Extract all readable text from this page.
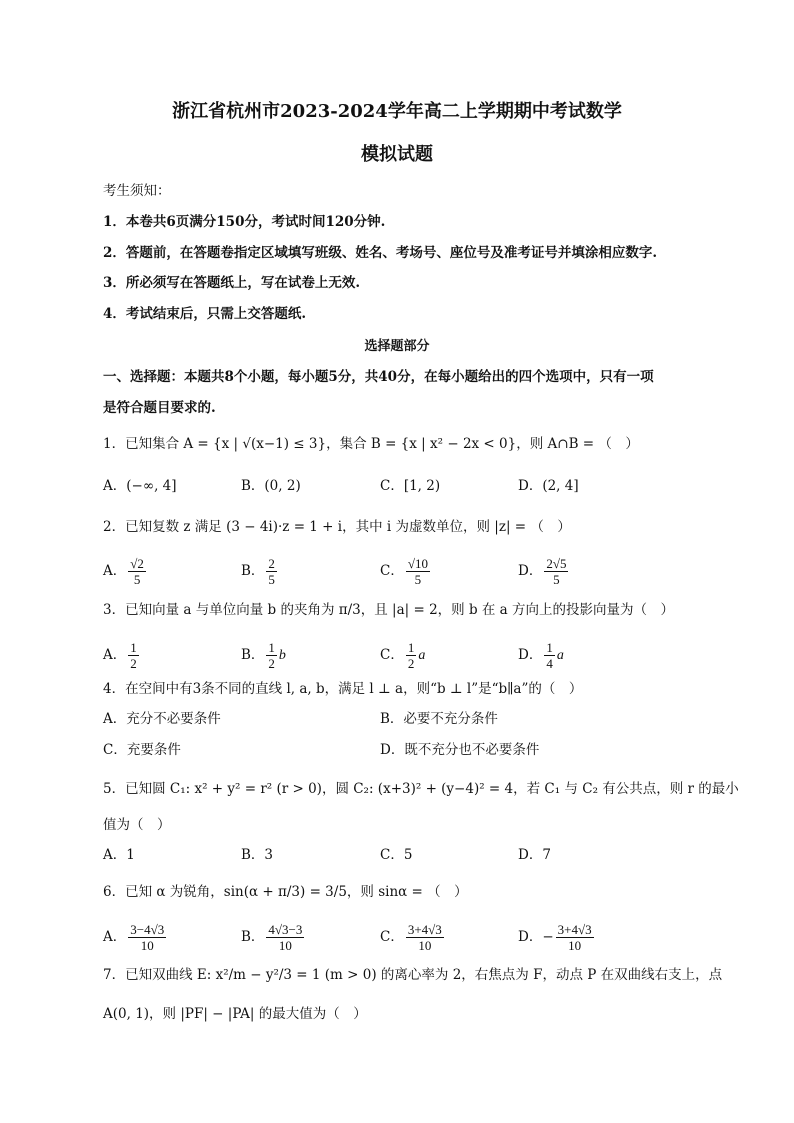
浙江省杭州市2023-2024学年高二上学期期中考试数学
模拟试题
考生须知：
1．本卷共6页满分150分，考试时间120分钟.
2．答题前，在答题卷指定区域填写班级、姓名、考场号、座位号及准考证号并填涂相应数字.
3．所必须写在答题纸上，写在试卷上无效.
4．考试结束后，只需上交答题纸.
选择题部分
一、选择题：本题共8个小题，每小题5分，共40分，在每小题给出的四个选项中，只有一项
是符合题目要求的.
1．已知集合 A = {x | √(x−1) ≤ 3}，集合 B = {x | x² − 2x < 0}，则 A∩B = （　）
A．(−∞, 4]	B．(0, 2)	C．[1, 2)	D．(2, 4]
2．已知复数 z 满足 (3 − 4i)·z = 1 + i，其中 i 为虚数单位，则 |z| = （　）
A． $\frac{√2}{5}$	B． $\frac{2}{5}$	C． $\frac{√10}{5}$	D． $\frac{2√5}{5}$
3．已知向量 a 与单位向量 b 的夹角为 π/3，且 |a| = 2，则 b 在 a 方向上的投影向量为（　）
A． $\frac{1}{2}$	B． $\frac{1}{2}$ b	C． $\frac{1}{2}$ a	D． $\frac{1}{4}$ a
4．在空间中有3条不同的直线 l, a, b，满足 l ⊥ a，则“b ⊥ l”是“b∥a”的（　）
A．充分不必要条件	B．必要不充分条件
C．充要条件	D．既不充分也不必要条件
5．已知圆 C₁: x² + y² = r² (r > 0)，圆 C₂: (x+3)² + (y−4)² = 4，若 C₁ 与 C₂ 有公共点，则 r 的最小
值为（　）
A．1	B．3	C．5	D．7
6．已知 α 为锐角，sin(α + π/3) = 3/5，则 sinα = （　）
A． $\frac{3-4√3}{10}$	B． $\frac{4√3-3}{10}$	C． $\frac{3+4√3}{10}$	D．− $\frac{3+4√3}{10}$
7．已知双曲线 E: x²/m − y²/3 = 1 (m > 0) 的离心率为 2，右焦点为 F，动点 P 在双曲线右支上，点
A(0, 1)，则 |PF| − |PA| 的最大值为（　）
